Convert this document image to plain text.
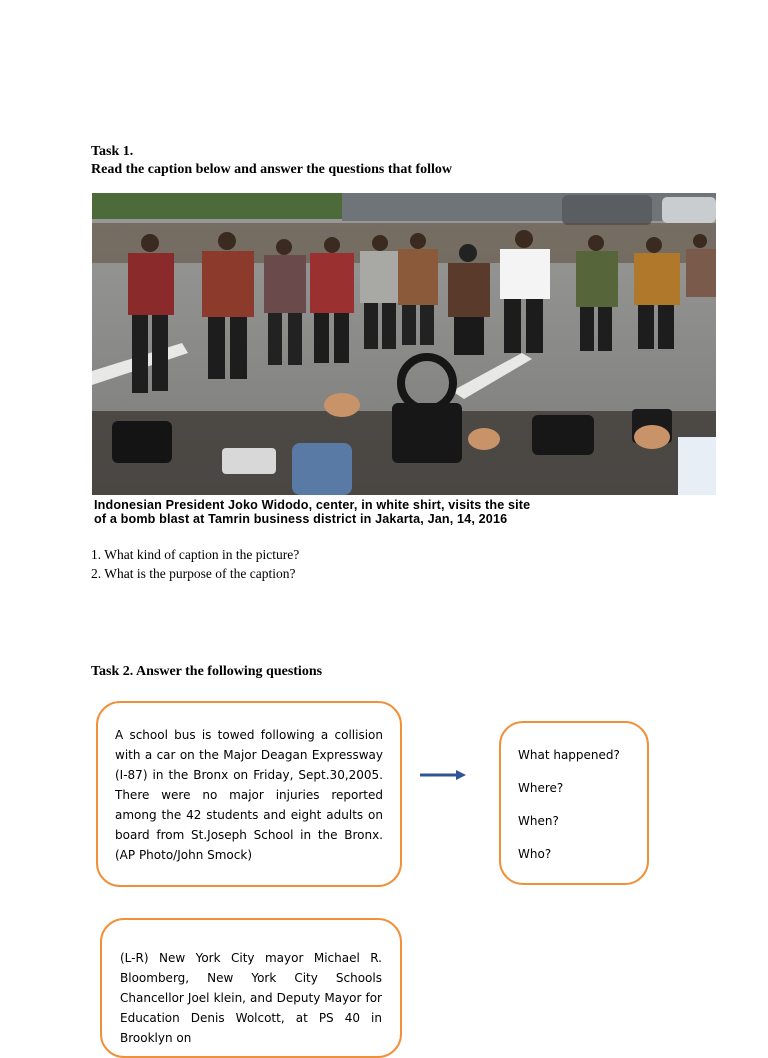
Task 1.
Read the caption below and answer the questions that follow
Indonesian President Joko Widodo, center, in white shirt, visits the site
of a bomb blast at Tamrin business district in Jakarta, Jan, 14, 2016
1. What kind of caption in the picture?
2. What is the purpose of the caption?
Task 2. Answer the following questions
A school bus is towed following a collision with a car on the Major Deagan Expressway (I-87) in the Bronx on Friday, Sept.30,2005. There were no major injuries reported among the 42 students and eight adults on board from St.Joseph School in the Bronx. (AP Photo/John Smock)
What happened?
Where?
When?
Who?
(L-R) New York City mayor Michael R. Bloomberg, New York City Schools Chancellor Joel klein, and Deputy Mayor for Education Denis Wolcott, at PS 40 in Brooklyn on
